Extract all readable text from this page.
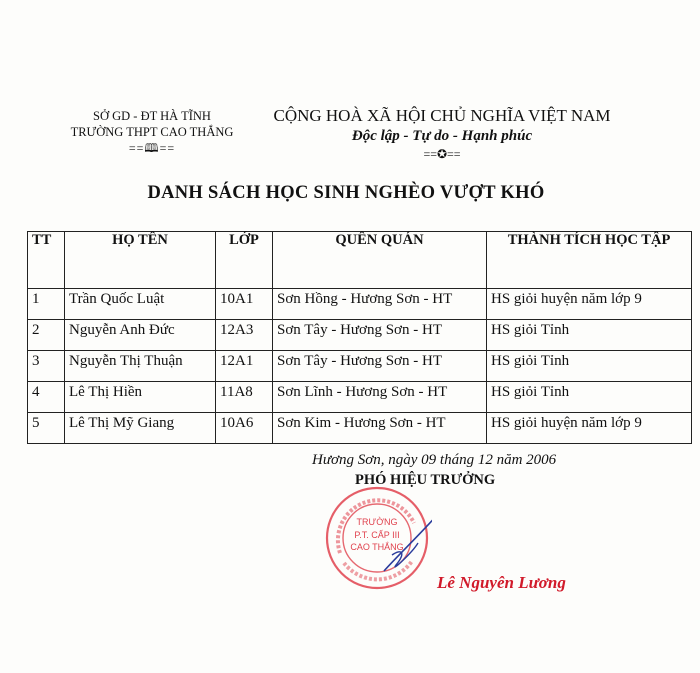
SỞ GD - ĐT HÀ TĨNH
TRƯỜNG THPT CAO THẮNG
==🕮==
CỘNG HOÀ XÃ HỘI CHỦ NGHĨA VIỆT NAM
Độc lập - Tự do - Hạnh phúc
==✪==
DANH SÁCH HỌC SINH NGHÈO VƯỢT KHÓ
TT	HỌ TÊN	LỚP	QUÊN QUÁN	THÀNH TÍCH HỌC TẬP
1	Trần Quốc Luật	10A1	Sơn Hồng - Hương Sơn - HT	HS giỏi huyện năm lớp 9
2	Nguyễn Anh Đức	12A3	Sơn Tây - Hương Sơn - HT	HS giỏi Tỉnh
3	Nguyễn Thị Thuận	12A1	Sơn Tây - Hương Sơn - HT	HS giỏi Tỉnh
4	Lê Thị Hiền	11A8	Sơn Lĩnh - Hương Sơn - HT	HS giỏi Tỉnh
5	Lê Thị Mỹ Giang	10A6	Sơn Kim - Hương Sơn - HT	HS giỏi huyện năm lớp 9
Hương Sơn, ngày 09 tháng 12 năm 2006
TRƯỜNG
P.T. CẤP III
CAO THẮNG
PHÓ HIỆU TRƯỞNG
Lê Nguyên Lương
